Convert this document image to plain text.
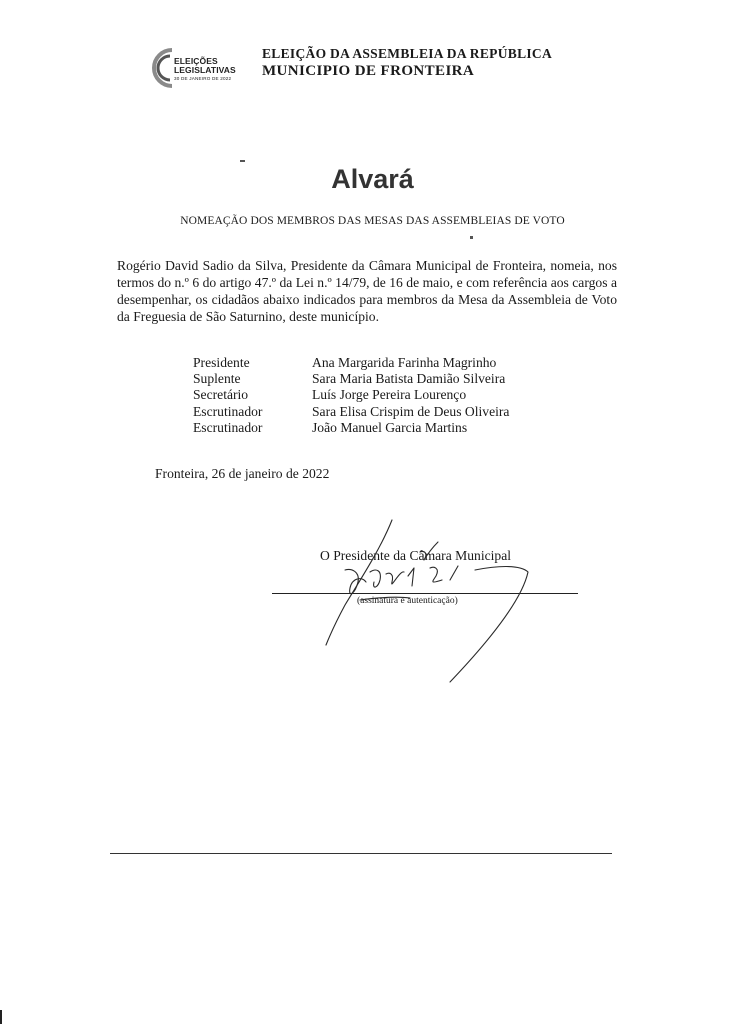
ELEIÇÕES
LEGISLATIVAS
30 DE JANEIRO DE 2022
ELEIÇÃO DA ASSEMBLEIA DA REPÚBLICA
MUNICIPIO DE FRONTEIRA
Alvará
NOMEAÇÃO DOS MEMBROS DAS MESAS DAS ASSEMBLEIAS DE VOTO
Rogério David Sadio da Silva, Presidente da Câmara Municipal de Fronteira, nomeia, nos termos do n.º 6 do artigo 47.º da Lei n.º 14/79, de 16 de maio, e com referência aos cargos a desempenhar, os cidadãos abaixo indicados para membros da Mesa da Assembleia de Voto da Freguesia de São Saturnino, deste município.
Presidente	Ana Margarida Farinha Magrinho
Suplente	Sara Maria Batista Damião Silveira
Secretário	Luís Jorge Pereira Lourenço
Escrutinador	Sara Elisa Crispim de Deus Oliveira
Escrutinador	João Manuel Garcia Martins
Fronteira, 26 de janeiro de 2022
O Presidente da Câmara Municipal
(assinatura e autenticação)
